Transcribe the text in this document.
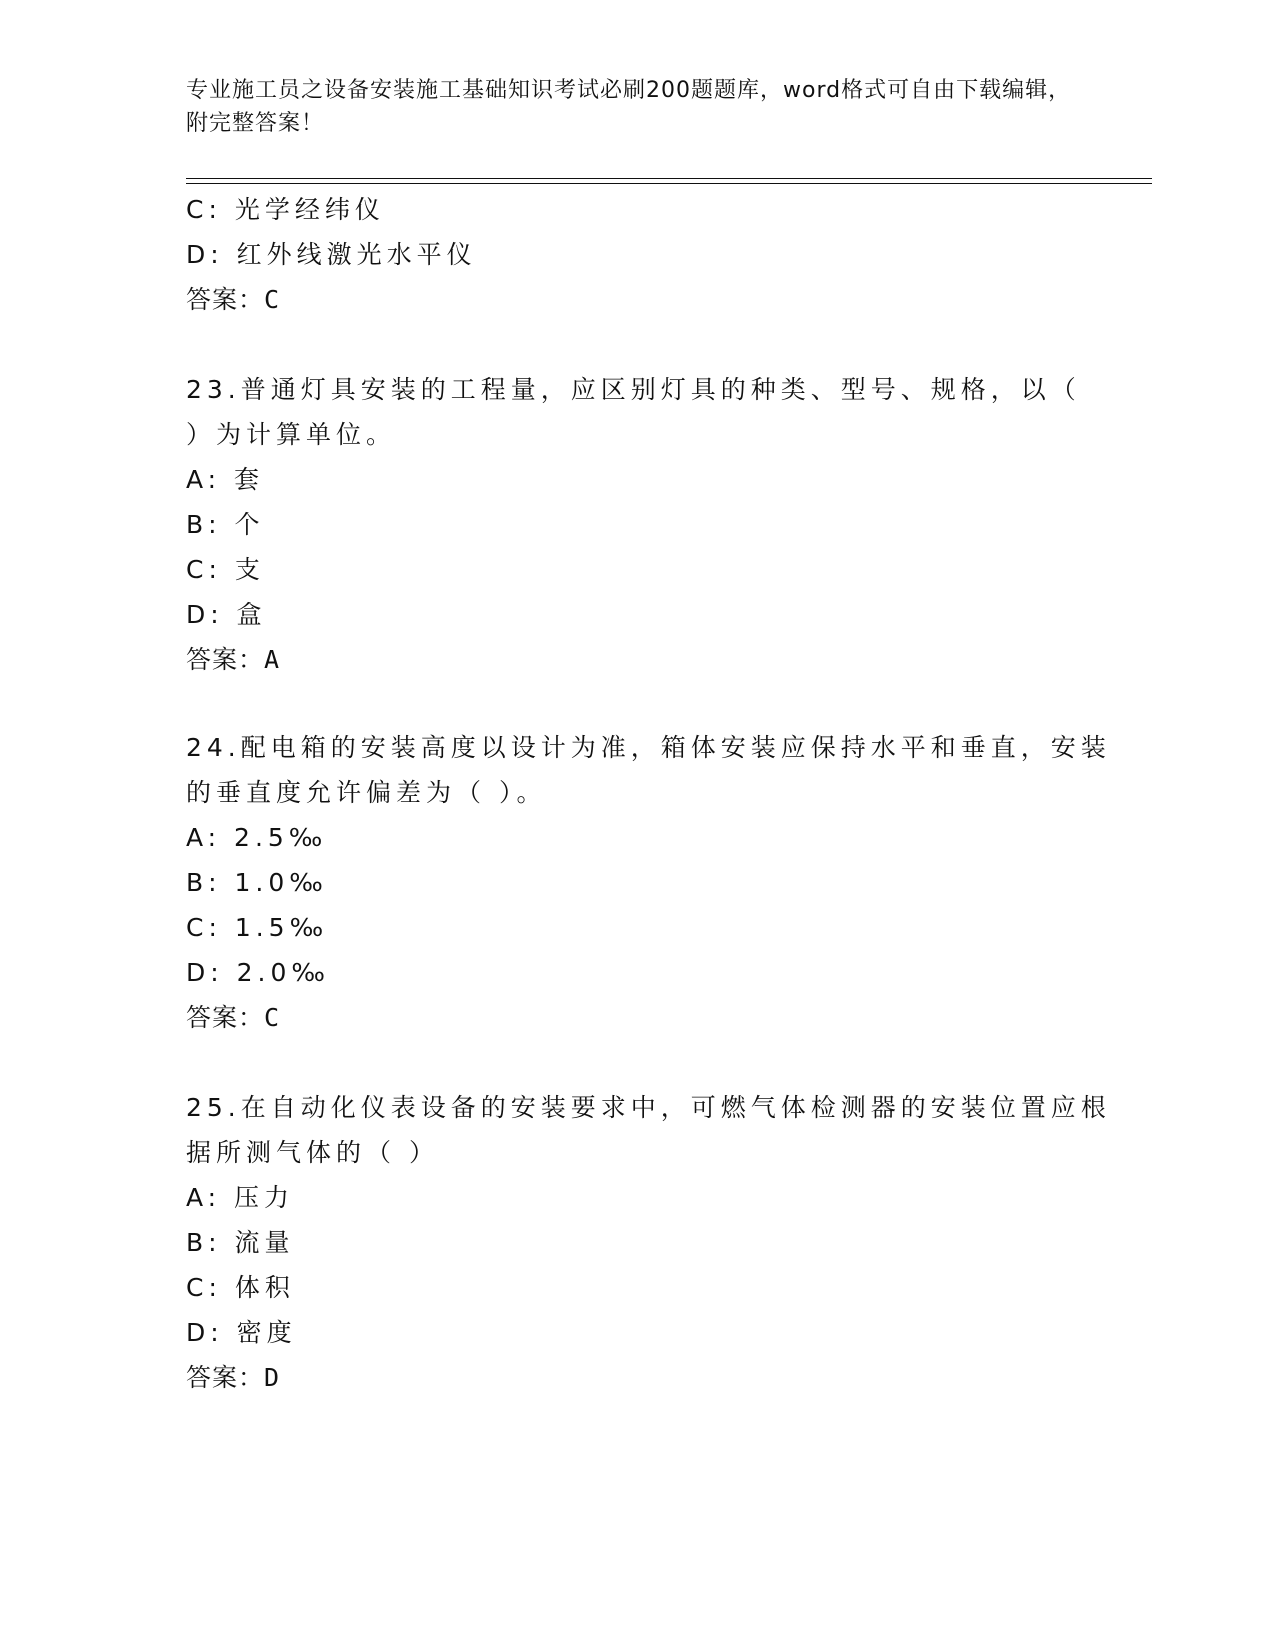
专业施工员之设备安装施工基础知识考试必刷200题题库，word格式可自由下载编辑，附完整答案！
C: 光学经纬仪
D: 红外线激光水平仪
答案：C
23.普通灯具安装的工程量，应区别灯具的种类、型号、规格，以（
）为计算单位。
A: 套
B: 个
C: 支
D: 盒
答案：A
24.配电箱的安装高度以设计为准，箱体安装应保持水平和垂直，安装
的垂直度允许偏差为（ ）。
A: 2.5‰
B: 1.0‰
C: 1.5‰
D: 2.0‰
答案：C
25.在自动化仪表设备的安装要求中，可燃气体检测器的安装位置应根
据所测气体的（ ）
A: 压力
B: 流量
C: 体积
D: 密度
答案：D
